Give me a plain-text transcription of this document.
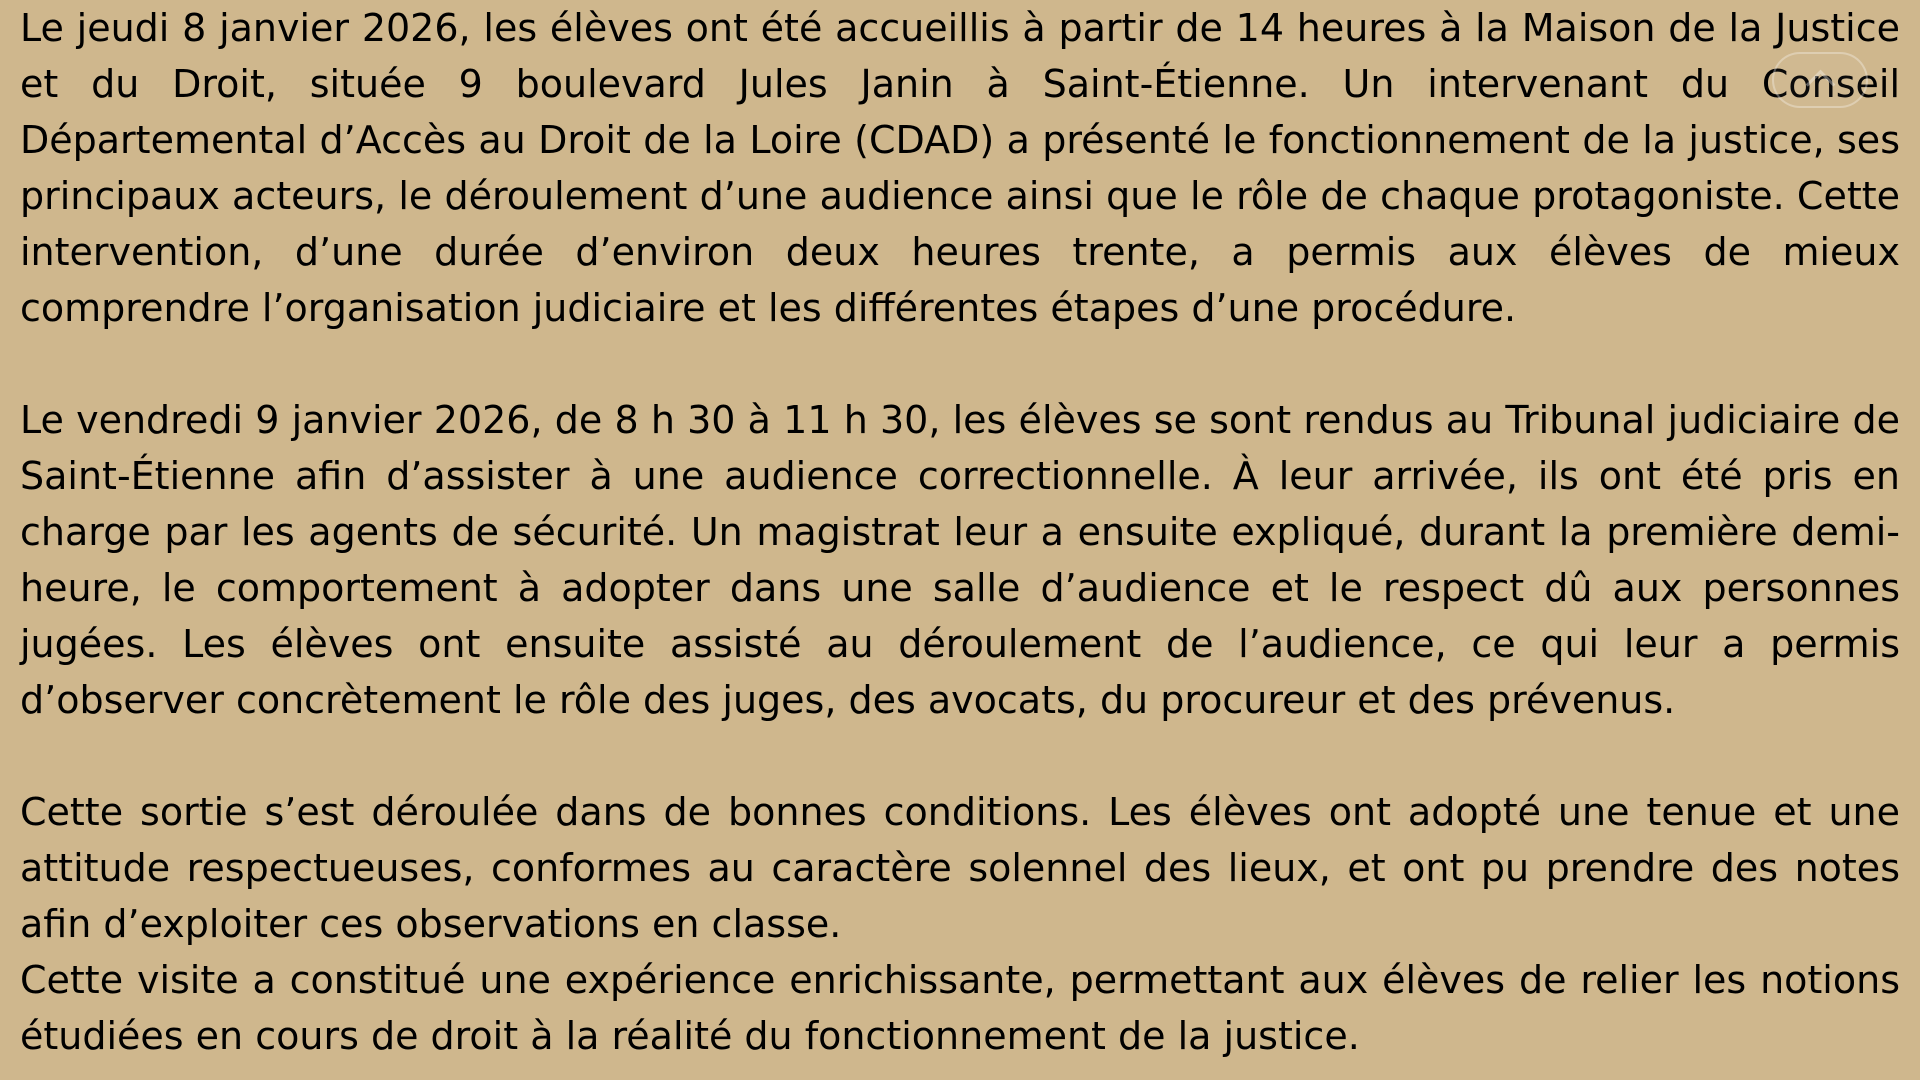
Le jeudi 8 janvier 2026, les élèves ont été accueillis à partir de 14 heures à la Maison de la Justice et du Droit, située 9 boulevard Jules Janin à Saint-Étienne. Un intervenant du Conseil Départemental d’Accès au Droit de la Loire (CDAD) a présenté le fonctionnement de la justice, ses principaux acteurs, le déroulement d’une audience ainsi que le rôle de chaque protagoniste. Cette intervention, d’une durée d’environ deux heures trente, a permis aux élèves de mieux comprendre l’organisation judiciaire et les différentes étapes d’une procédure.

Le vendredi 9 janvier 2026, de 8 h 30 à 11 h 30, les élèves se sont rendus au Tribunal judiciaire de Saint-Étienne afin d’assister à une audience correctionnelle. À leur arrivée, ils ont été pris en charge par les agents de sécurité. Un magistrat leur a ensuite expliqué, durant la première demi-heure, le comportement à adopter dans une salle d’audience et le respect dû aux personnes jugées. Les élèves ont ensuite assisté au déroulement de l’audience, ce qui leur a permis d’observer concrètement le rôle des juges, des avocats, du procureur et des prévenus.

Cette sortie s’est déroulée dans de bonnes conditions. Les élèves ont adopté une tenue et une attitude respectueuses, conformes au caractère solennel des lieux, et ont pu prendre des notes afin d’exploiter ces observations en classe.

Cette visite a constitué une expérience enrichissante, permettant aux élèves de relier les notions étudiées en cours de droit à la réalité du fonctionnement de la justice.
